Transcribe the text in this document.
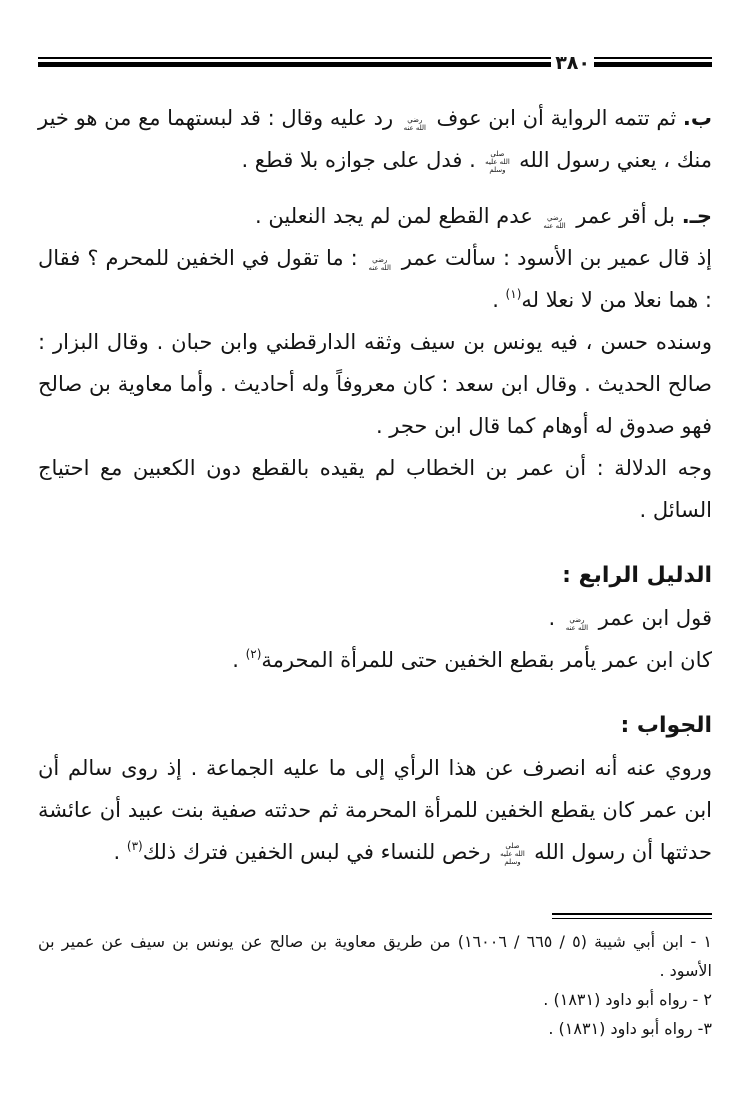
٣٨٠

ب. ثم تتمه الرواية أن ابن عوف رضي الله عنه رد عليه وقال : قد لبستهما مع من هو خير منك ، يعني رسول الله صلى الله عليه وسلم . فدل على جوازه بلا قطع .

جـ. بل أقر عمر رضي الله عنه عدم القطع لمن لم يجد النعلين .

إذ قال عمير بن الأسود : سألت عمر رضي الله عنه : ما تقول في الخفين للمحرم ؟ فقال : هما نعلا من لا نعلا له$^{(١)}$ .

وسنده حسن ، فيه يونس بن سيف وثقه الدارقطني وابن حبان . وقال البزار : صالح الحديث . وقال ابن سعد : كان معروفاً وله أحاديث . وأما معاوية بن صالح فهو صدوق له أوهام كما قال ابن حجر .

وجه الدلالة : أن عمر بن الخطاب لم يقيده بالقطع دون الكعبين مع احتياج السائل .

الدليل الرابع :

قول ابن عمر رضي الله عنه .

كان ابن عمر يأمر بقطع الخفين حتى للمرأة المحرمة$^{(٢)}$ .

الجواب :

وروي عنه أنه انصرف عن هذا الرأي إلى ما عليه الجماعة . إذ روى سالم أن ابن عمر كان يقطع الخفين للمرأة المحرمة ثم حدثته صفية بنت عبيد أن عائشة حدثتها أن رسول الله صلى الله عليه وسلم رخص للنساء في لبس الخفين فترك ذلك$^{(٣)}$ .

١ - ابن أبي شيبة (٥ / ٦٦٥ / ١٦٠٠٦) من طريق معاوية بن صالح عن يونس بن سيف عن عمير بن الأسود .
٢ - رواه أبو داود (١٨٣١) .
٣- رواه أبو داود (١٨٣١) .
